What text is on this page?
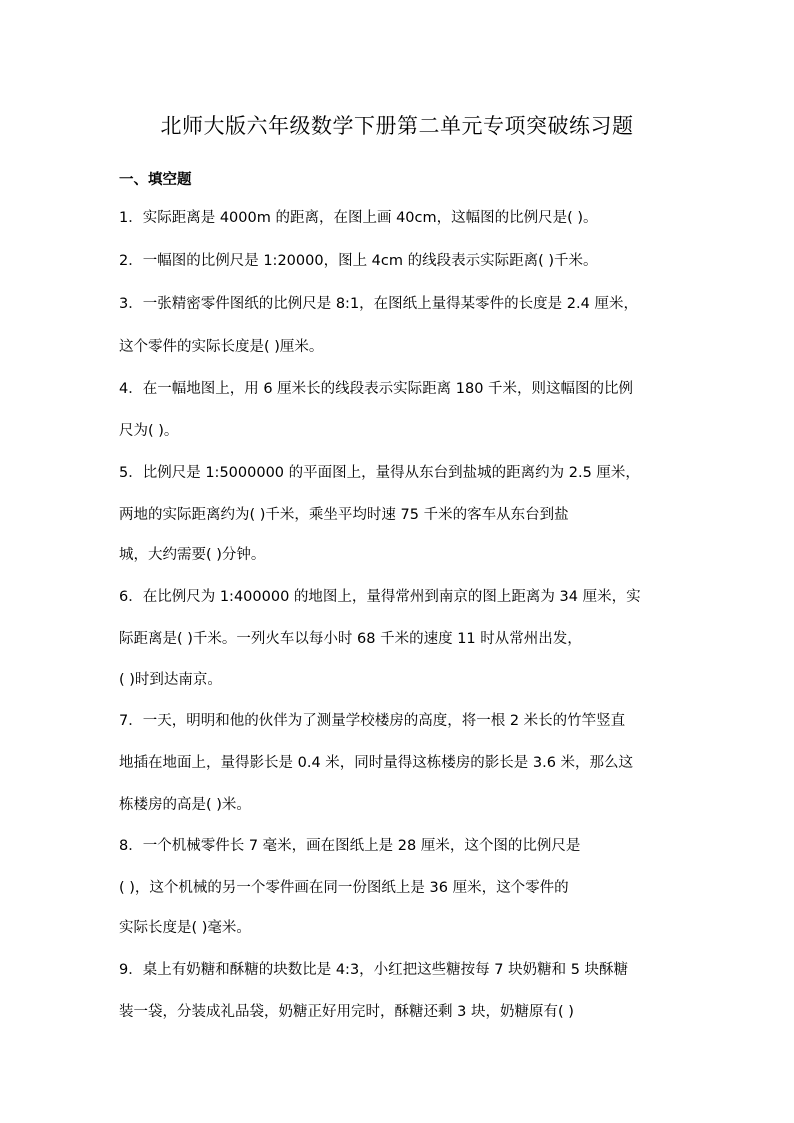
北师大版六年级数学下册第二单元专项突破练习题
一、填空题
1．实际距离是 4000m 的距离，在图上画 40cm，这幅图的比例尺是( )。
2．一幅图的比例尺是 1:20000，图上 4cm 的线段表示实际距离( )千米。
3．一张精密零件图纸的比例尺是 8:1，在图纸上量得某零件的长度是 2.4 厘米，
这个零件的实际长度是( )厘米。
4．在一幅地图上，用 6 厘米长的线段表示实际距离 180 千米，则这幅图的比例
尺为( )。
5．比例尺是 1:5000000 的平面图上，量得从东台到盐城的距离约为 2.5 厘米，
两地的实际距离约为( )千米，乘坐平均时速 75 千米的客车从东台到盐
城，大约需要( )分钟。
6．在比例尺为 1:400000 的地图上，量得常州到南京的图上距离为 34 厘米，实
际距离是( )千米。一列火车以每小时 68 千米的速度 11 时从常州出发，
( )时到达南京。
7．一天，明明和他的伙伴为了测量学校楼房的高度，将一根 2 米长的竹竿竖直
地插在地面上，量得影长是 0.4 米，同时量得这栋楼房的影长是 3.6 米，那么这
栋楼房的高是( )米。
8．一个机械零件长 7 毫米，画在图纸上是 28 厘米，这个图的比例尺是
( )，这个机械的另一个零件画在同一份图纸上是 36 厘米，这个零件的
实际长度是( )毫米。
9．桌上有奶糖和酥糖的块数比是 4:3，小红把这些糖按每 7 块奶糖和 5 块酥糖
装一袋，分装成礼品袋，奶糖正好用完时，酥糖还剩 3 块，奶糖原有( )
